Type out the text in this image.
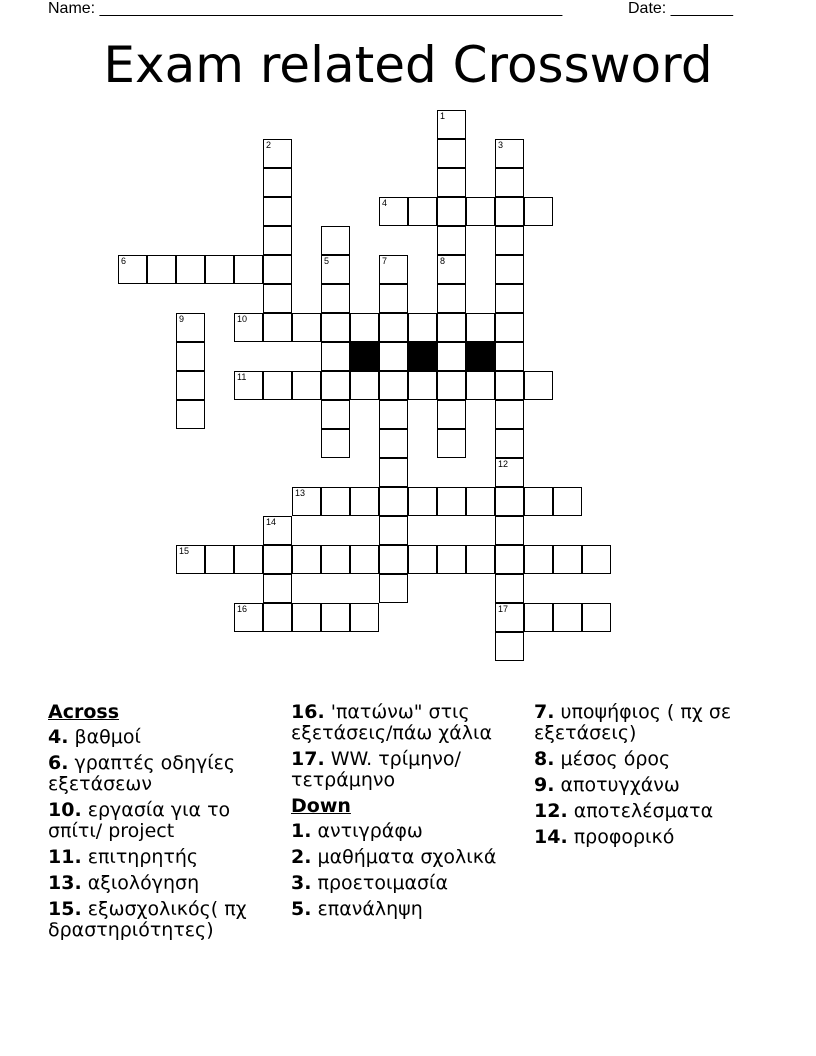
Name: ____________________________________________________	Date: _______
Exam related Crossword
1
8
2	3
4
5
6	7
9	10
11
12
17
13
14
15
16
Across
4. βαθμοί
6. γραπτές οδηγίες εξετάσεων
10. εργασία για το σπίτι/ project
11. επιτηρητής
13. αξιολόγηση
15. εξωσχολικός( πχ δραστηριότητες)
16. 'πατώνω" στις εξετάσεις/πάω χάλια
17. WW. τρίμηνο/τετράμηνο
Down
1. αντιγράφω
2. μαθήματα σχολικά
3. προετοιμασία
5. επανάληψη
7. υποψήφιος ( πχ σε εξετάσεις)
8. μέσος όρος
9. αποτυγχάνω
12. αποτελέσματα
14. προφορικό
